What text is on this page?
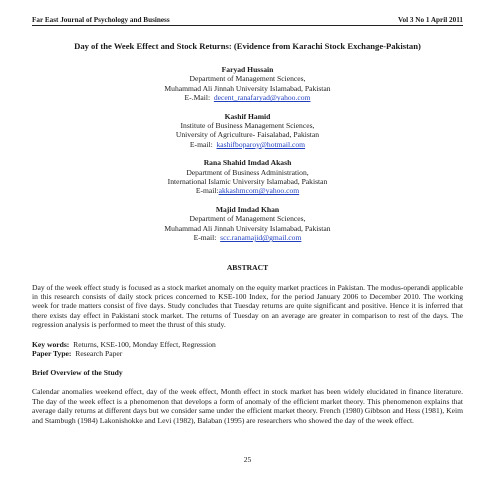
Far East Journal of Psychology and Business	Vol 3 No 1 April 2011
Day of the Week Effect and Stock Returns: (Evidence from Karachi Stock Exchange-Pakistan)
Faryad Hussain
Department of Management Sciences,
Muhammad Ali Jinnah University Islamabad, Pakistan
E-.Mail: decent_ranafaryad@yahoo.com
Kashif Hamid
Institute of Business Management Sciences,
University of Agriculture- Faisalabad, Pakistan
E-mail: kashifboparoy@hotmail.com
Rana Shahid Imdad Akash
Department of Business Administration,
International Islamic University Islamabad, Pakistan
E-mail:akkashmcom@yahoo.com
Majid Imdad Khan
Department of Management Sciences,
Muhammad Ali Jinnah University Islamabad, Pakistan
E-mail: scc.ranamajid@gmail.com
ABSTRACT
Day of the week effect study is focused as a stock market anomaly on the equity market practices in Pakistan. The modus-operandi applicable in this research consists of daily stock prices concerned to KSE-100 Index, for the period January 2006 to December 2010. The working week for trade matters consist of five days. Study concludes that Tuesday returns are quite significant and positive. Hence it is inferred that there exists day effect in Pakistani stock market. The returns of Tuesday on an average are greater in comparison to rest of the days. The regression analysis is performed to meet the thrust of this study.
Key words: Returns, KSE-100, Monday Effect, Regression
Paper Type: Research Paper
Brief Overview of the Study
Calendar anomalies weekend effect, day of the week effect, Month effect in stock market has been widely elucidated in finance literature. The day of the week effect is a phenomenon that develops a form of anomaly of the efficient market theory. This phenomenon explains that average daily returns at different days but we consider same under the efficient market theory. French (1980) Gibbson and Hess (1981), Keim and Stambugh (1984) Lakonishokke and Levi (1982), Balaban (1995) are researchers who showed the day of the week effect.
25
